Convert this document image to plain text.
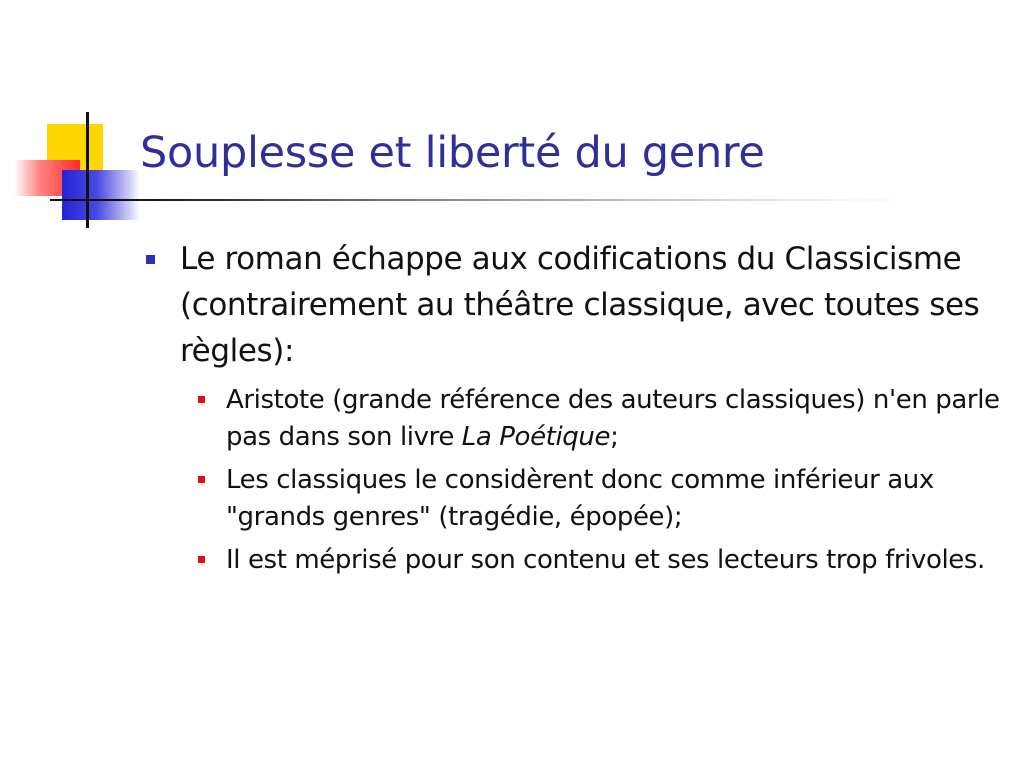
Souplesse et liberté du genre
Le roman échappe aux codifications du Classicisme (contrairement au théâtre classique, avec toutes ses règles):
Aristote (grande référence des auteurs classiques) n'en parle pas dans son livre La Poétique;
Les classiques le considèrent donc comme inférieur aux "grands genres" (tragédie, épopée);
Il est méprisé pour son contenu et ses lecteurs trop frivoles.
